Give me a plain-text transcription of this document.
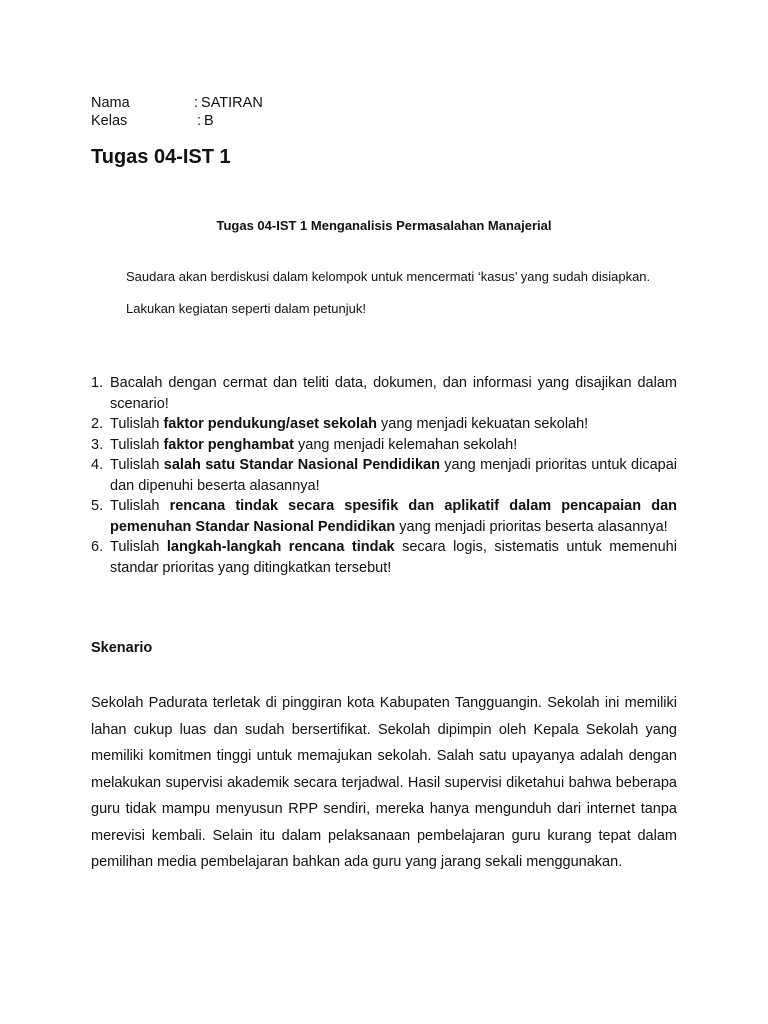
Nama	: SATIRAN
Kelas	: B
Tugas 04-IST 1
Tugas 04-IST 1 Menganalisis Permasalahan Manajerial

Saudara akan berdiskusi dalam kelompok untuk mencermati ‘kasus’ yang sudah disiapkan.

Lakukan kegiatan seperti dalam petunjuk!

1. Bacalah dengan cermat dan teliti data, dokumen, dan informasi yang disajikan dalam scenario!
2. Tulislah faktor pendukung/aset sekolah yang menjadi kekuatan sekolah!
3. Tulislah faktor penghambat yang menjadi kelemahan sekolah!
4. Tulislah salah satu Standar Nasional Pendidikan yang menjadi prioritas untuk dicapai dan dipenuhi beserta alasannya!
5. Tulislah rencana tindak secara spesifik dan aplikatif dalam pencapaian dan pemenuhan Standar Nasional Pendidikan yang menjadi prioritas beserta alasannya!
6. Tulislah langkah-langkah rencana tindak secara logis, sistematis untuk memenuhi standar prioritas yang ditingkatkan tersebut!
Skenario

Sekolah Padurata terletak di pinggiran kota Kabupaten Tangguangin. Sekolah ini memiliki lahan cukup luas dan sudah bersertifikat. Sekolah dipimpin oleh Kepala Sekolah yang memiliki komitmen tinggi untuk memajukan sekolah. Salah satu upayanya adalah dengan melakukan supervisi akademik secara terjadwal. Hasil supervisi diketahui bahwa beberapa guru tidak mampu menyusun RPP sendiri, mereka hanya mengunduh dari internet tanpa merevisi kembali. Selain itu dalam pelaksanaan pembelajaran guru kurang tepat dalam pemilihan media pembelajaran bahkan ada guru yang jarang sekali menggunakan.
